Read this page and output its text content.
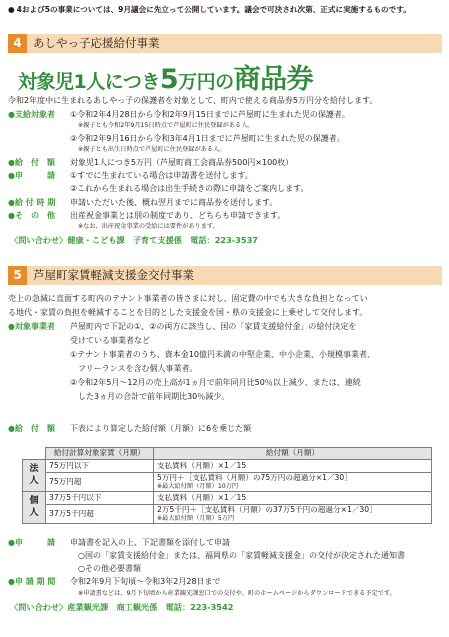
● 4および5の事業については、9月議会に先立って公開しています。議会で可決され次第、正式に実施するものです。
4 あしやっ子応援給付事業
対象児1人につき5万円の商品券
令和2年度中に生まれるあしやっ子の保護者を対象として、町内で使える商品券5万円分を給付します。
●支給対象者 ①令和2年4月28日から令和2年9月15日までに芦屋町に生まれた児の保護者。
※親子とも令和2年9月15日時点で芦屋町に住民登録がある人。
②令和2年9月16日から令和3年4月1日までに芦屋町に生まれた児の保護者。
※親子とも出生日時点で芦屋町に住民登録がある人。
●給　付　額 対象児1人につき5万円（芦屋町商工会商品券500円×100枚）
●申　　　請 ①すでに生まれている場合は申請書を送付します。
②これから生まれる場合は出生手続きの際に申請をご案内します。
●給 付 時 期 申請いただいた後、概ね翌月までに商品券を送付します。
●そ　の　他 出産祝金事業とは別の制度であり、どちらも申請できます。
※なお、出産祝金事業の受給には要件があります。
〈問い合わせ〉健康・こども課　子育て支援係　電話：223-3537
5 芦屋町家賃軽減支援金交付事業
売上の急減に直面する町内のテナント事業者の皆さまに対し、固定費の中でも大きな負担となってい
る地代・家賃の負担を軽減することを目的とした支援金を国・県の支援金に上乗せして交付します。
●対象事業者 芦屋町内で下記の①、②の両方に該当し、国の「家賃支援給付金」の給付決定を
受けている事業者など
①テナント事業者のうち、資本金10億円未満の中堅企業、中小企業、小規模事業者、
　フリーランスを含む個人事業者。
②令和2年5月～12月の売上高が1ヵ月で前年同月比50％以上減少、または、連続
　した3ヵ月の合計で前年同期比30％減少。
●給　付　額 下表により算定した給付額（月額）に6を乗じた額
	給付計算対象家賃（月額）	給付額（月額）
法人	75万円以下	支払賃料（月額）×1／15
	75万円超	5万円＋［支払賃料（月額）の75万円の超過分×1／30］
※最大給付額（月額）10万円

個人	37万5千円以下	支払賃料（月額）×1／15
	37万5千円超	2万5千円＋［支払賃料（月額）の37万5千円の超過分×1／30］
※最大給付額（月額）5万円
●申　　　請 申請書を記入の上、下記書類を添付して申請
○国の「家賃支援給付金」または、福岡県の「家賃軽減支援金」の交付が決定された通知書
○その他必要書類
●申 請 期 間 令和2年9月下旬頃～令和3年2月28日まで
※申請書などは、9月下旬頃から産業観光課窓口での交付や、町のホームページからダウンロードできる予定です。
〈問い合わせ〉産業観光課　商工観光係　電話：223-3542
